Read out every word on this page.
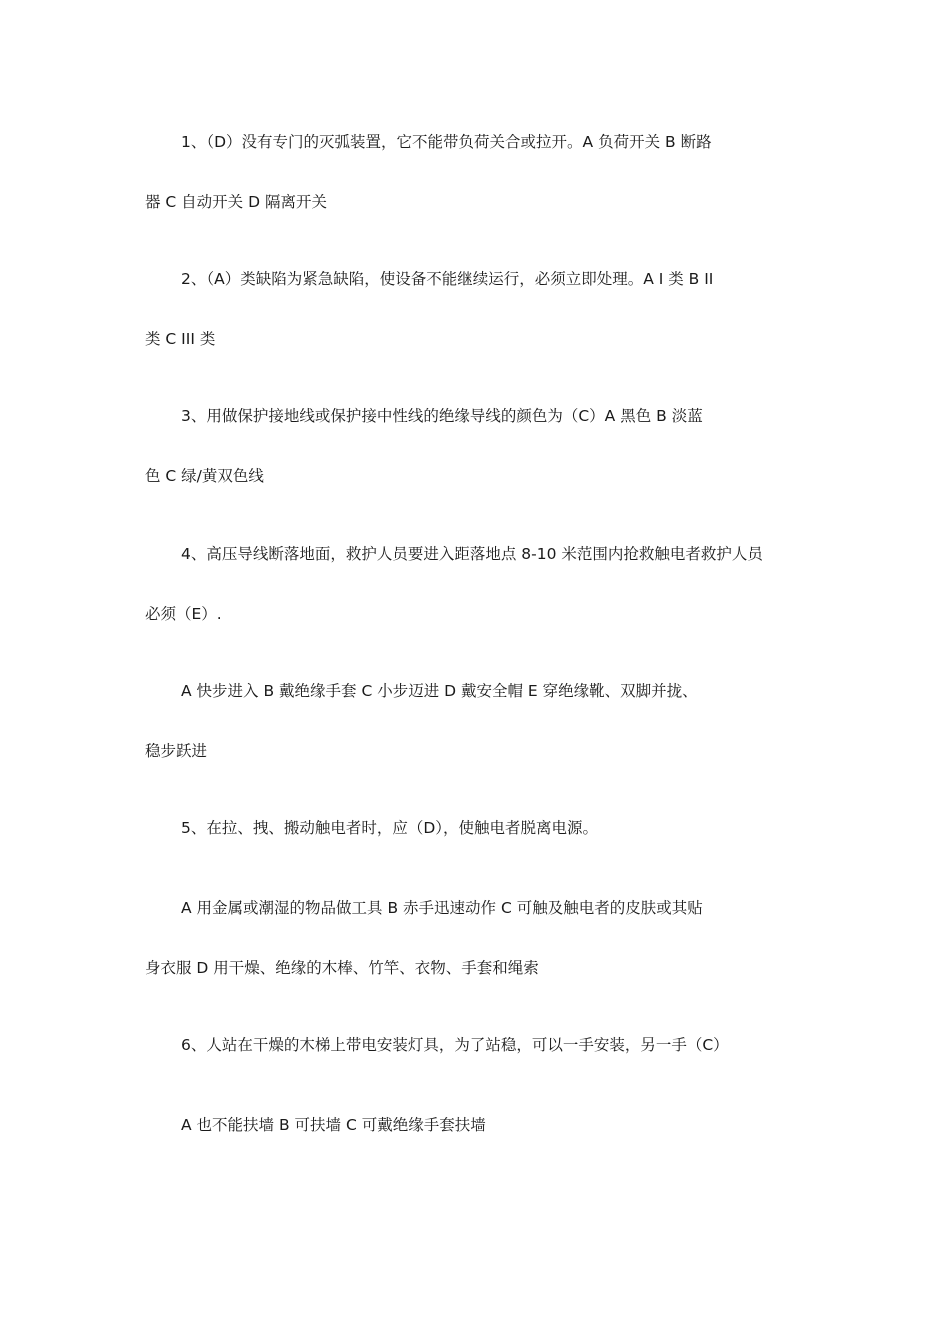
1、（D）没有专门的灭弧装置，它不能带负荷关合或拉开。A 负荷开关 B 断路
器 C 自动开关 D 隔离开关
2、（A）类缺陷为紧急缺陷，使设备不能继续运行，必须立即处理。A I 类 B II
类 C III 类
3、用做保护接地线或保护接中性线的绝缘导线的颜色为（C）A 黑色 B 淡蓝
色 C 绿/黄双色线
4、高压导线断落地面，救护人员要进入距落地点 8-10 米范围内抢救触电者救护人员
必须（E）.
A 快步进入 B 戴绝缘手套 C 小步迈进 D 戴安全帽 E 穿绝缘靴、双脚并拢、
稳步跃进
5、在拉、拽、搬动触电者时，应（D），使触电者脱离电源。
A 用金属或潮湿的物品做工具 B 赤手迅速动作 C 可触及触电者的皮肤或其贴
身衣服 D 用干燥、绝缘的木棒、竹竿、衣物、手套和绳索
6、人站在干燥的木梯上带电安装灯具，为了站稳，可以一手安装，另一手（C）
A 也不能扶墙 B 可扶墙 C 可戴绝缘手套扶墙
